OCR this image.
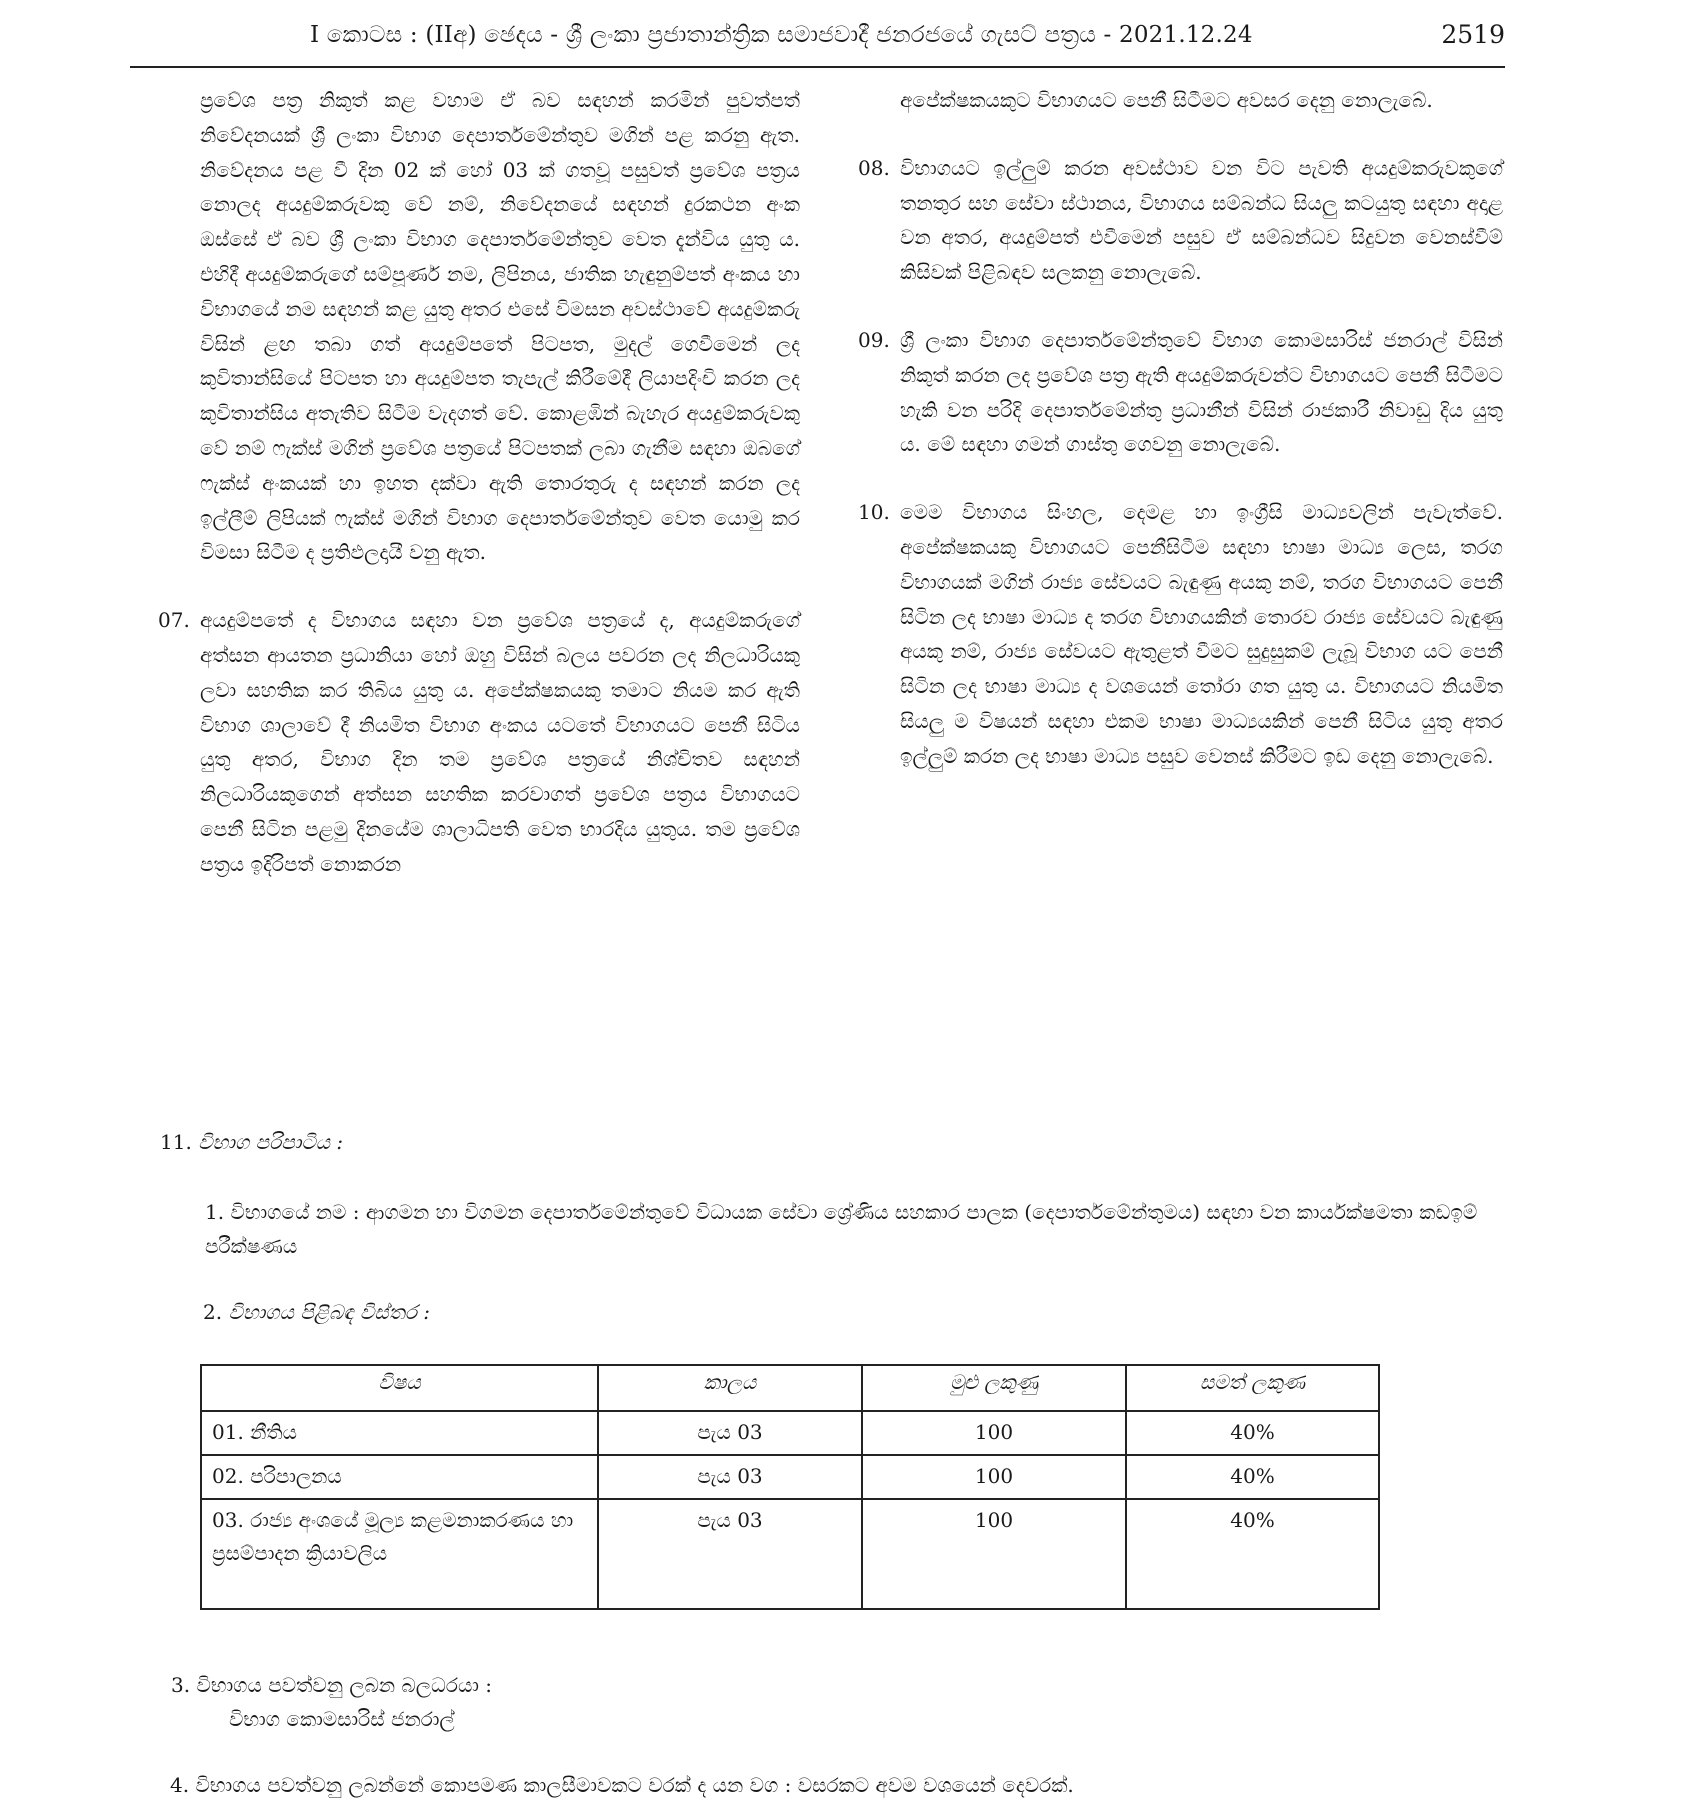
I කොටස : (IIඅ) ඡෙදය - ශ්‍රී ලංකා ප්‍රජාතාන්ත්‍රික සමාජවාදී ජනරජයේ ගැසට් පත්‍රය - 2021.12.24	2519

ප්‍රවේශ පත්‍ර නිකුත් කළ වහාම ඒ බව සඳහන් කරමින් පුවත්පත් නිවේදනයක් ශ්‍රී ලංකා විභාග දෙපාර්තමේන්තුව මගින් පළ කරනු ඇත. නිවේදනය පළ වී දින 02 ක් හෝ 03 ක් ගතවූ පසුවත් ප්‍රවේශ පත්‍රය නොලද අයදුම්කරුවකු වේ නම්, නිවේදනයේ සඳහන් දුරකථන අංක ඔස්සේ ඒ බව ශ්‍රී ලංකා විභාග දෙපාර්තමේන්තුව වෙත දැන්විය යුතු ය. එහිදී අයදුම්කරුගේ සම්පූර්ණ නම, ලිපිනය, ජාතික හැඳුනුම්පත් අංකය හා විභාගයේ නම සඳහන් කළ යුතු අතර එසේ විමසන අවස්ථාවේ අයදුම්කරු විසින් ළඟ තබා ගත් අයදුම්පතේ පිටපත, මුදල් ගෙවීමෙන් ලද කුවිතාන්සියේ පිටපත හා අයදුම්පත තැපැල් කිරීමේදී ලියාපදිංචි කරන ලද කුවිතාන්සිය අතැතිව සිටීම වැදගත් වේ. කොළඹින් බැහැර අයදුම්කරුවකු වේ නම් ෆැක්ස් මගින් ප්‍රවේශ පත්‍රයේ පිටපතක් ලබා ගැනීම සඳහා ඔබගේ ෆැක්ස් අංකයක් හා ඉහත දක්වා ඇති තොරතුරු ද සඳහන් කරන ලද ඉල්ලීම් ලිපියක් ෆැක්ස් මගින් විභාග දෙපාර්තමේන්තුව වෙත යොමු කර විමසා සිටීම ද ප්‍රතිඵලදායී වනු ඇත.

07. අයදුම්පතේ ද විභාගය සඳහා වන ප්‍රවේශ පත්‍රයේ ද, අයදුම්කරුගේ අත්සන ආයතන ප්‍රධානියා හෝ ඔහු විසින් බලය පවරන ලද නිලධාරියකු ලවා සහතික කර තිබිය යුතු ය. අපේක්ෂකයකු තමාට නියම කර ඇති විභාග ශාලාවේ දී නියමිත විභාග අංකය යටතේ විභාගයට පෙනී සිටිය යුතු අතර, විභාග දින තම ප්‍රවේශ පත්‍රයේ නිශ්චිතව සඳහන් නිලධාරියකුගෙන් අත්සන සහතික කරවාගත් ප්‍රවේශ පත්‍රය විභාගයට පෙනී සිටින පළමු දිනයේම ශාලාධිපති වෙත භාරදිය යුතුය. තම ප්‍රවේශ පත්‍රය ඉදිරිපත් නොකරන

අපේක්ෂකයකුට විභාගයට පෙනී සිටීමට අවසර දෙනු නොලැබේ.

08. විභාගයට ඉල්ලුම් කරන අවස්ථාව වන විට පැවති අයදුම්කරුවකුගේ තනතුර සහ සේවා ස්ථානය, විභාගය සම්බන්ධ සියලු කටයුතු සඳහා අදාළ වන අතර, අයදුම්පත් එවීමෙන් පසුව ඒ සම්බන්ධව සිදුවන වෙනස්වීම් කිසිවක් පිළිබඳව සලකනු නොලැබේ.

09. ශ්‍රී ලංකා විභාග දෙපාර්තමේන්තුවේ විභාග කොමසාරිස් ජනරාල් විසින් නිකුත් කරන ලද ප්‍රවේශ පත්‍ර ඇති අයදුම්කරුවන්ට විභාගයට පෙනී සිටීමට හැකි වන පරිදි දෙපාර්තමේන්තු ප්‍රධානීන් විසින් රාජකාරී නිවාඩු දිය යුතු ය. මේ සඳහා ගමන් ගාස්තු ගෙවනු නොලැබේ.

10. මෙම විභාගය සිංහල, දෙමළ හා ඉංග්‍රීසි මාධ්‍යවලින් පැවැත්වේ. අපේක්ෂකයකු විභාගයට පෙනීසිටීම සඳහා භාෂා මාධ්‍ය ලෙස, තරග විභාගයක් මගින් රාජ්‍ය සේවයට බැඳුණු අයකු නම්, තරග විභාගයට පෙනී සිටින ලද භාෂා මාධ්‍ය ද තරග විභාගයකින් තොරව රාජ්‍ය සේවයට බැඳුණු අයකු නම්, රාජ්‍ය සේවයට ඇතුළත් වීමට සුදුසුකම් ලැබූ විභාග යට පෙනී සිටින ලද භාෂා මාධ්‍ය ද වශයෙන් තෝරා ගත යුතු ය. විභාගයට නියමිත සියලු ම විෂයන් සඳහා එකම භාෂා මාධ්‍යයකින් පෙනී සිටිය යුතු අතර ඉල්ලුම් කරන ලද භාෂා මාධ්‍ය පසුව වෙනස් කිරීමට ඉඩ දෙනු නොලැබේ.

11. විභාග පරිපාටිය :
1. විභාගයේ නම : ආගමන හා විගමන දෙපාර්තමේන්තුවේ විධායක සේවා ශ්‍රේණිය සහකාර පාලක (දෙපාර්තමේන්තුමය) සඳහා වන කාර්යක්ෂමතා කඩඉම් පරීක්ෂණය
2. විභාගය පිළිබඳ විස්තර :
විෂය	කාලය	මුළු ලකුණු	සමත් ලකුණ
01. නීතිය	පැය 03	100	40%
02. පරිපාලනය	පැය 03	100	40%
03. රාජ්‍ය අංශයේ මූල්‍ය කළමනාකරණය හා ප්‍රසම්පාදන ක්‍රියාවලිය	පැය 03	100	40%
3. විභාගය පවත්වනු ලබන බලධරයා :
විභාග කොමසාරිස් ජනරාල්
4. විභාගය පවත්වනු ලබන්නේ කොපමණ කාලසීමාවකට වරක් ද යන වග : වසරකට අවම වශයෙන් දෙවරක්.
